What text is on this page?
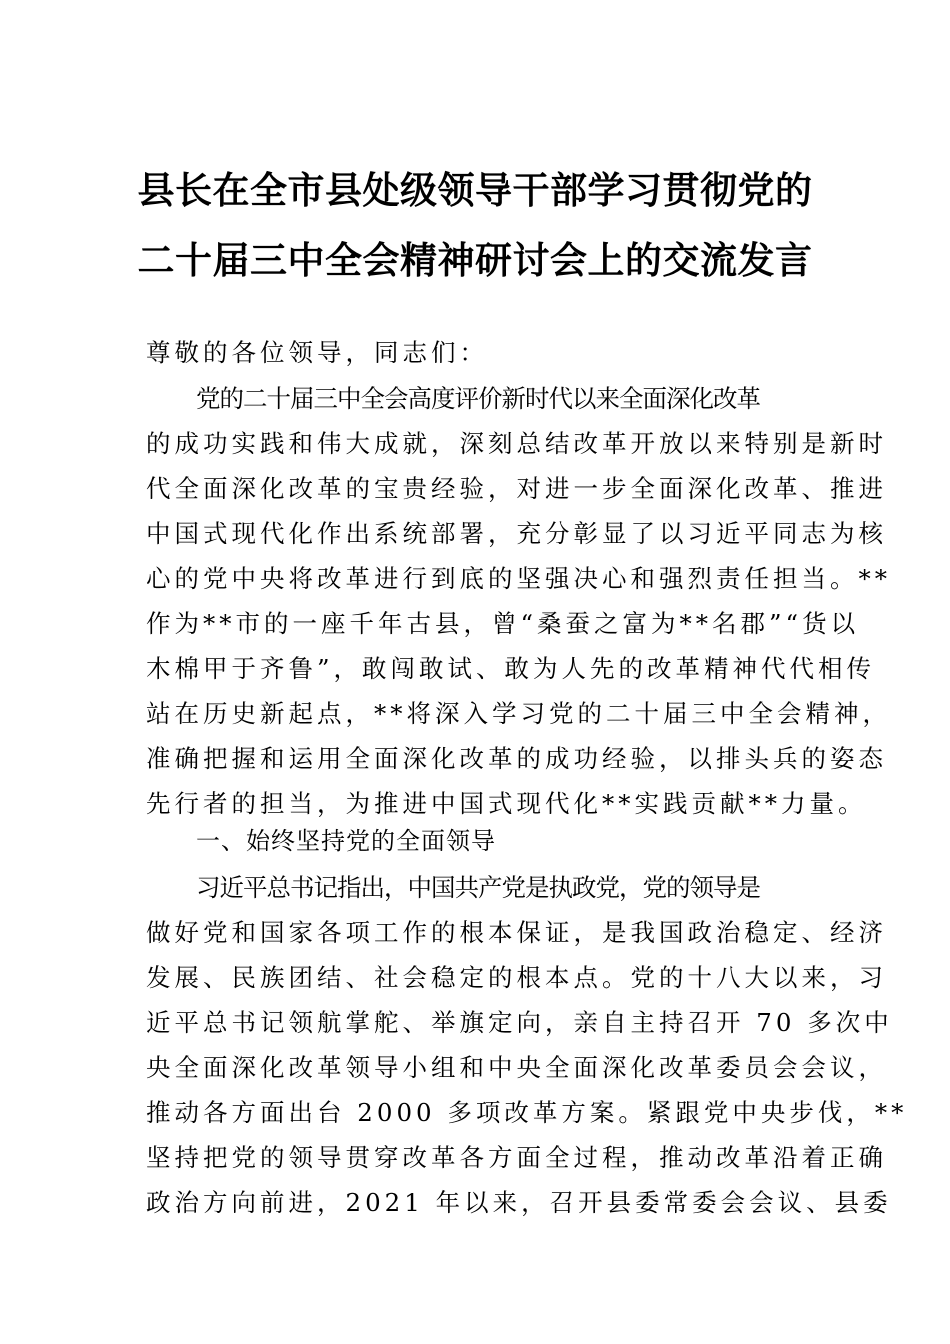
县长在全市县处级领导干部学习贯彻党的
二十届三中全会精神研讨会上的交流发言
尊敬的各位领导，同志们：
党的二十届三中全会高度评价新时代以来全面深化改革
的成功实践和伟大成就，深刻总结改革开放以来特别是新时
代全面深化改革的宝贵经验，对进一步全面深化改革、推进
中国式现代化作出系统部署，充分彰显了以习近平同志为核
心的党中央将改革进行到底的坚强决心和强烈责任担当。**
作为**市的一座千年古县，曾“桑蚕之富为**名郡”“货以
木棉甲于齐鲁”，敢闯敢试、敢为人先的改革精神代代相传
站在历史新起点，**将深入学习党的二十届三中全会精神，
准确把握和运用全面深化改革的成功经验，以排头兵的姿态
先行者的担当，为推进中国式现代化**实践贡献**力量。
一、始终坚持党的全面领导
习近平总书记指出，中国共产党是执政党，党的领导是
做好党和国家各项工作的根本保证，是我国政治稳定、经济
发展、民族团结、社会稳定的根本点。党的十八大以来，习
近平总书记领航掌舵、举旗定向，亲自主持召开 70 多次中
央全面深化改革领导小组和中央全面深化改革委员会会议，
推动各方面出台 2000 多项改革方案。紧跟党中央步伐，**
坚持把党的领导贯穿改革各方面全过程，推动改革沿着正确
政治方向前进，2021 年以来，召开县委常委会会议、县委
